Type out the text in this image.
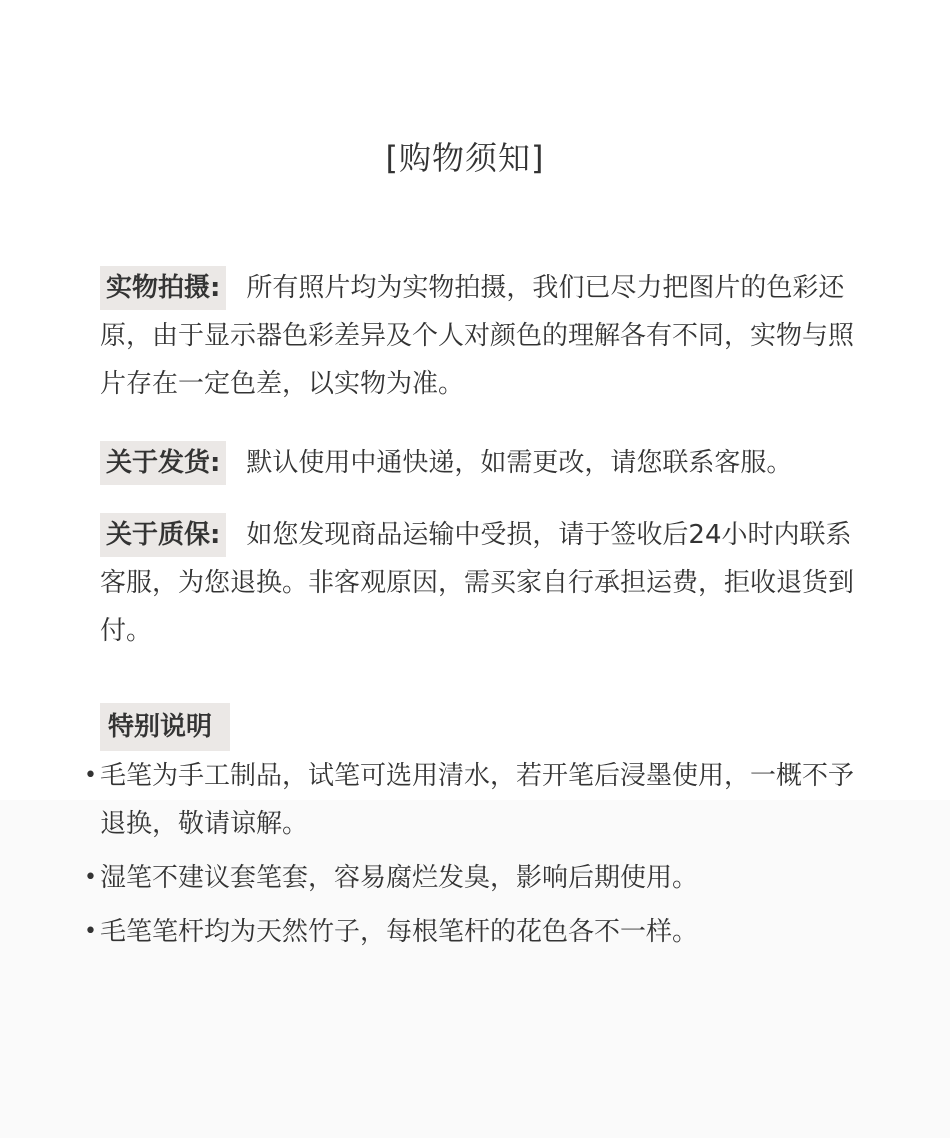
[购物须知]

实物拍摄: 所有照片均为实物拍摄，我们已尽力把图片的色彩还原，由于显示器色彩差异及个人对颜色的理解各有不同，实物与照片存在一定色差，以实物为准。

关于发货: 默认使用中通快递，如需更改，请您联系客服。

关于质保: 如您发现商品运输中受损，请于签收后24小时内联系客服，为您退换。非客观原因，需买家自行承担运费，拒收退货到付。

特别说明
• 毛笔为手工制品，试笔可选用清水，若开笔后浸墨使用，一概不予退换，敬请谅解。
• 湿笔不建议套笔套，容易腐烂发臭，影响后期使用。
• 毛笔笔杆均为天然竹子，每根笔杆的花色各不一样。
